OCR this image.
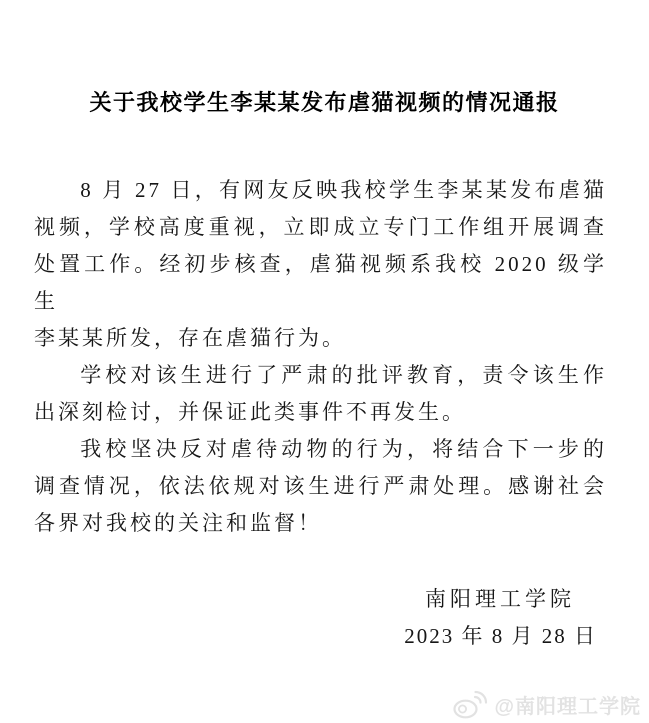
关于我校学生李某某发布虐猫视频的情况通报
8 月 27 日，有网友反映我校学生李某某发布虐猫
视频，学校高度重视，立即成立专门工作组开展调查
处置工作。经初步核查，虐猫视频系我校 2020 级学生
李某某所发，存在虐猫行为。
学校对该生进行了严肃的批评教育，责令该生作
出深刻检讨，并保证此类事件不再发生。
我校坚决反对虐待动物的行为，将结合下一步的
调查情况，依法依规对该生进行严肃处理。感谢社会
各界对我校的关注和监督！
南阳理工学院
2023 年 8 月 28 日
@南阳理工学院
